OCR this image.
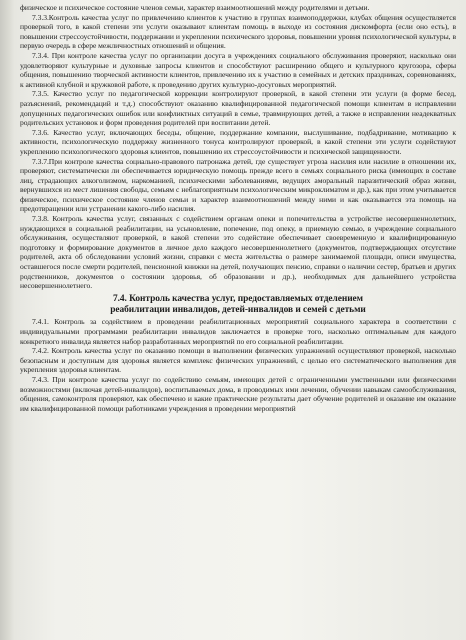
физическое и психическое состояние членов семьи, характер взаимоотношений между родителями и детьми.

7.3.3.Контроль качества услуг по привлечению клиентов к участию в группах взаимоподдержки, клубах общения осуществляется проверкой того, в какой степени эти услуги оказывают клиентам помощь в выходе из состояния дискомфорта (если оно есть), в повышении стрессоустойчивости, поддержании и укреплении психического здоровья, повышении уровня психологической культуры, в первую очередь в сфере межличностных отношений и общения.

7.3.4. При контроле качества услуг по организации досуга в учреждениях социального обслуживания проверяют, насколько они удовлетворяют культурные и духовные запросы клиентов и способствуют расширению общего и культурного кругозора, сферы общения, повышению творческой активности клиентов, привлечению их к участию в семейных и детских праздниках, соревнованиях, к активной клубной и кружковой работе, к проведению других культурно-досуговых мероприятий.

7.3.5. Качество услуг по педагогической коррекции контролируют проверкой, в какой степени эти услуги (в форме бесед, разъяснений, рекомендаций и т.д.) способствуют оказанию квалифицированной педагогической помощи клиентам в исправлении допущенных педагогических ошибок или конфликтных ситуаций в семье, травмирующих детей, а также в исправлении неадекватных родительских установок и форм проведения родителей при воспитании детей.

7.3.6. Качество услуг, включающих беседы, общение, поддержание компании, выслушивание, подбадривание, мотивацию к активности, психологическую поддержку жизненного тонуса контролируют проверкой, в какой степени эти услуги содействуют укреплению психологического здоровья клиентов, повышению их стрессоустойчивости и психической защищенности.

7.3.7.При контроле качества социально-правового патронажа детей, где существует угроза насилия или насилие в отношении их, проверяют, систематически ли обеспечивается юридическую помощь прежде всего в семьях социального риска (имеющих в составе лиц, страдающих алкоголизмом, наркоманией, психическими заболеваниями, ведущих аморальный паразитический образ жизни, вернувшихся из мест лишения свободы, семьям с неблагоприятным психологическим микроклиматом и др.), как при этом учитывается физическое, психическое состояние членов семьи и характер взаимоотношений между ними и как оказывается эта помощь на предотвращении или устранении какого-либо насилия.

7.3.8. Контроль качества услуг, связанных с содействием органам опеки и попечительства в устройстве несовершеннолетних, нуждающихся в социальной реабилитации, на усыновление, попечение, под опеку, в приемную семью, в учреждение социального обслуживания, осуществляют проверкой, в какой степени это содействие обеспечивает своевременную и квалифицированную подготовку и формирование документов в личное дело каждого несовершеннолетнего (документов, подтверждающих отсутствие родителей, акта об обследовании условий жизни, справки с места жительства о размере занимаемой площади, описи имущества, оставшегося после смерти родителей, пенсионной книжки на детей, получающих пенсию, справки о наличии сестер, братьев и других родственников, документов о состоянии здоровья, об образовании и др.), необходимых для дальнейшего устройства несовершеннолетнего.

7.4. Контроль качества услуг, предоставляемых отделением
реабилитации инвалидов, детей-инвалидов и семей с детьми

7.4.1. Контроль за содействием в проведении реабилитационных мероприятий социального характера в соответствии с индивидуальными программами реабилитации инвалидов заключается в проверке того, насколько оптимальным для каждого конкретного инвалида является набор разработанных мероприятий по его социальной реабилитации.

7.4.2. Контроль качества услуг по оказанию помощи в выполнении физических упражнений осуществляют проверкой, насколько безопасным и доступным для здоровья является комплекс физических упражнений, с целью его систематического выполнения для укрепления здоровья клиентам.

7.4.3. При контроле качества услуг по содействию семьям, имеющих детей с ограниченными умственными или физическими возможностями (включая детей-инвалидов), воспитываемых дома, в проводимых ими лечении, обучении навыкам самообслуживания, общения, самоконтроля проверяют, как обеспечено и какие практические результаты дает обучение родителей и оказание им оказание им квалифицированной помощи работниками учреждения в проведении мероприятий
